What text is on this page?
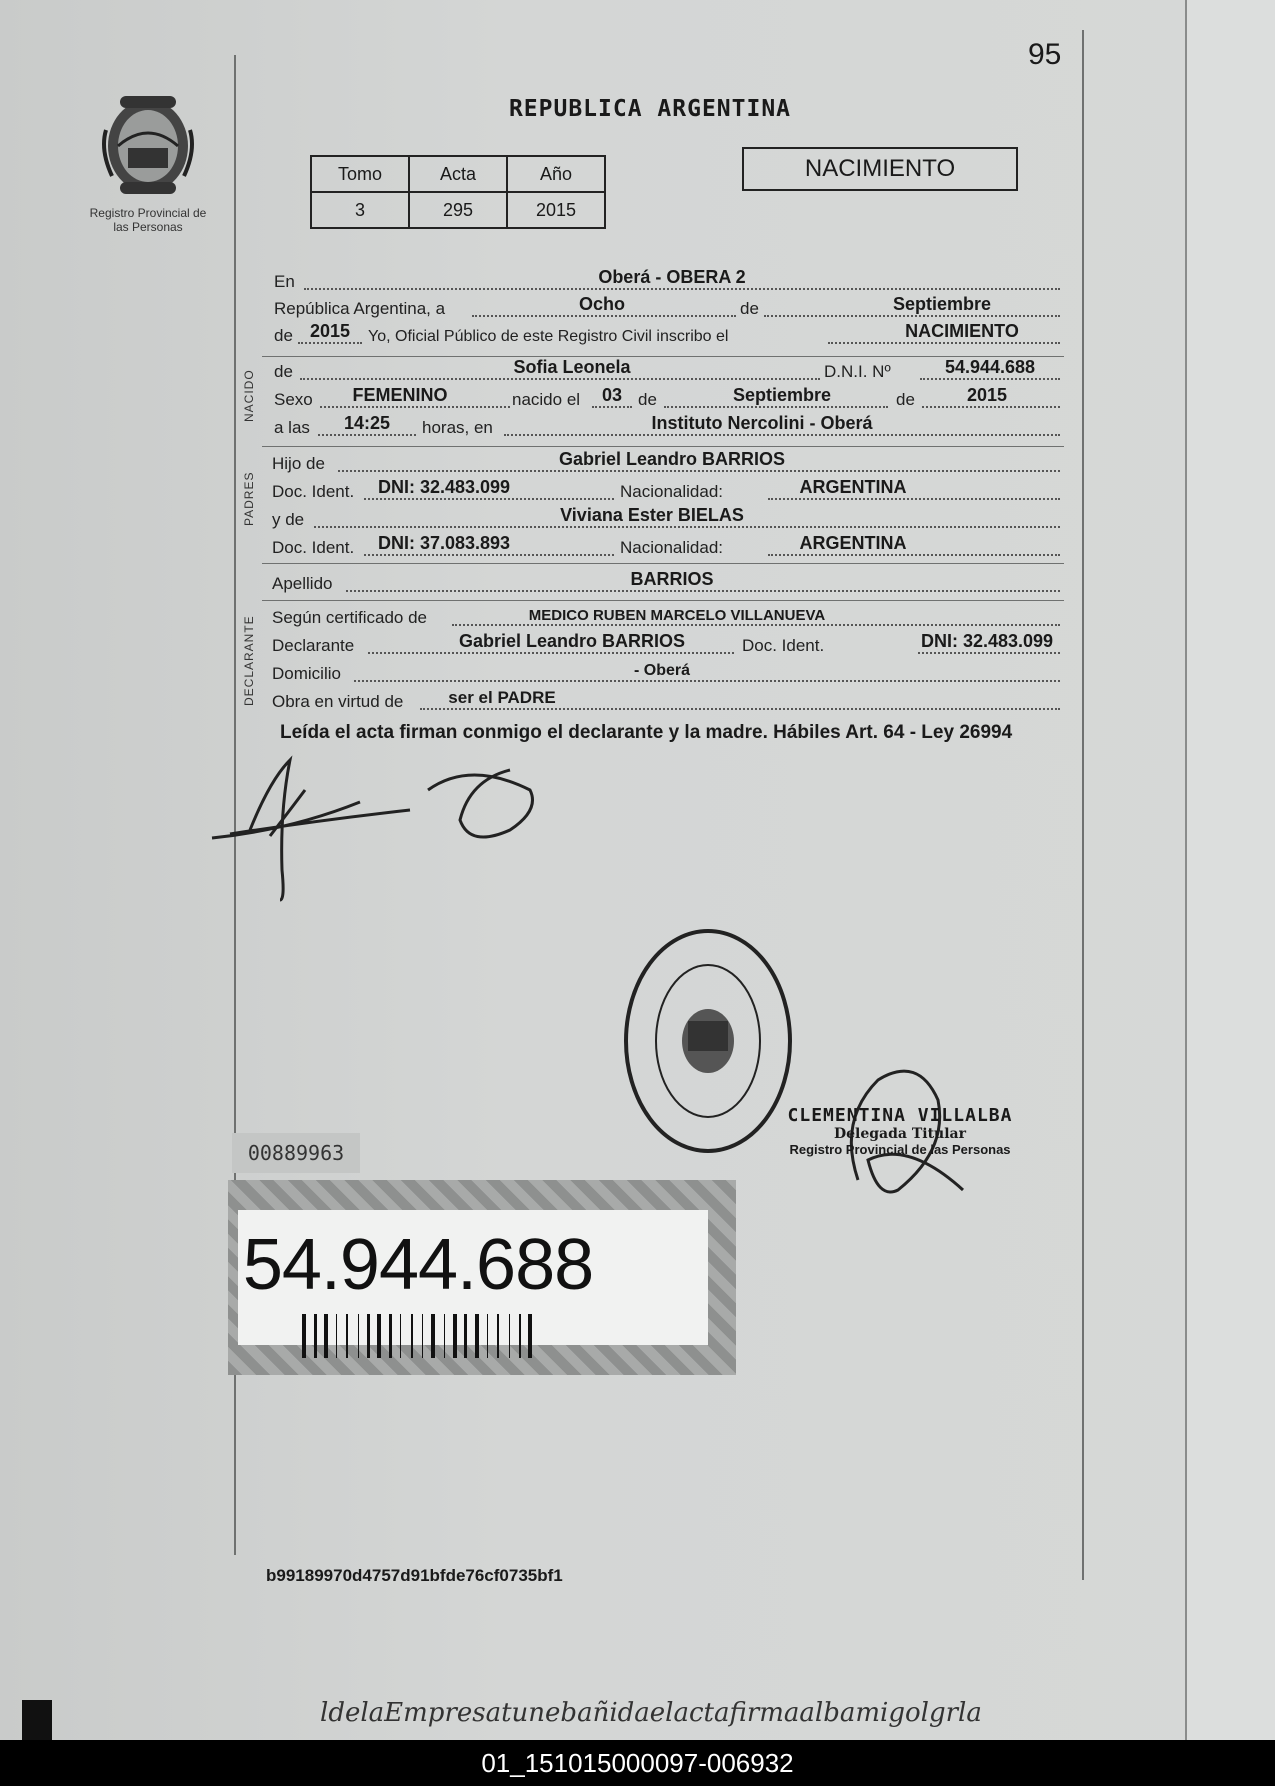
95
Registro Provincial de las Personas
REPUBLICA ARGENTINA
Tomo	Acta	Año
3	295	2015
NACIMIENTO
En	Oberá - OBERA 2
República Argentina, a	Ocho	de	Septiembre
de 2015	Yo, Oficial Público de este Registro Civil inscribo el	NACIMIENTO
NACIDO de	Sofia Leonela	D.N.I. Nº	54.944.688
Sexo	FEMENINO	nacido el	03 de	Septiembre	de	2015
a las	14:25	horas, en	Instituto Nercolini - Oberá
PADRES
Hijo de	Gabriel Leandro BARRIOS
Doc. Ident.	DNI: 32.483.099	Nacionalidad:	ARGENTINA
y de	Viviana Ester BIELAS
Doc. Ident.	DNI: 37.083.893	Nacionalidad:	ARGENTINA
Apellido	BARRIOS
DECLARANTE Según certificado de	MEDICO RUBEN MARCELO VILLANUEVA
Declarante	Gabriel Leandro BARRIOS	Doc. Ident.	DNI: 32.483.099
Domicilio	- Oberá
Obra en virtud de	ser el PADRE
Leída el acta firman conmigo el declarante y la madre. Hábiles Art. 64 - Ley 26994
CLEMENTINA VILLALBA
Delegada Titular
Registro Provincial de las Personas
00889963
54.944.688
b99189970d4757d91bfde76cf0735bf1
ldelaEmpresatunebañidaelactafirmaalbamigolgrla
01_151015000097-006932
